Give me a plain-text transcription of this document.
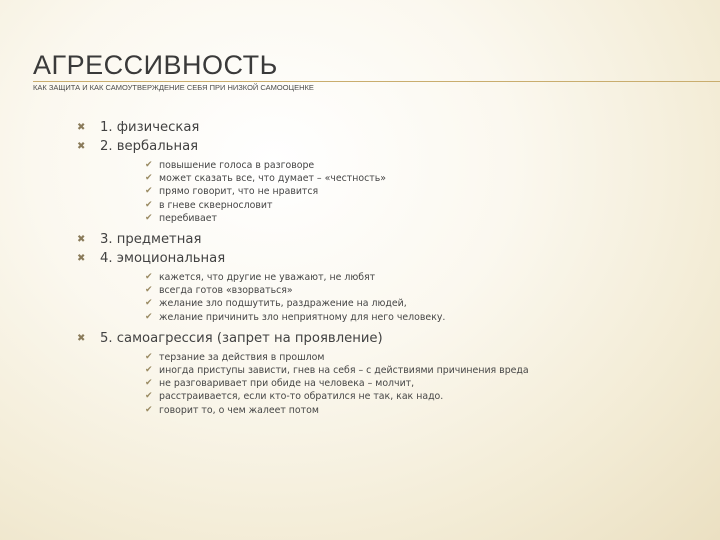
АГРЕССИВНОСТЬ
КАК ЗАЩИТА И КАК САМОУТВЕРЖДЕНИЕ СЕБЯ ПРИ НИЗКОЙ САМООЦЕНКЕ
✖ 1. физическая
✖ 2. вербальная
✔ повышение голоса в разговоре
✔ может сказать все, что думает – «честность»
✔ прямо говорит, что не нравится
✔ в гневе сквернословит
✔ перебивает
✖ 3. предметная
✖ 4. эмоциональная
✔ кажется, что другие не уважают, не любят
✔ всегда готов «взорваться»
✔ желание зло подшутить, раздражение на людей,
✔ желание причинить зло неприятному для него человеку.
✖ 5. самоагрессия (запрет на проявление)
✔ терзание за действия в прошлом
✔ иногда приступы зависти, гнев на себя – с действиями причинения вреда
✔ не разговаривает при обиде на человека – молчит,
✔ расстраивается, если кто-то обратился не так, как надо.
✔ говорит то, о чем жалеет потом
